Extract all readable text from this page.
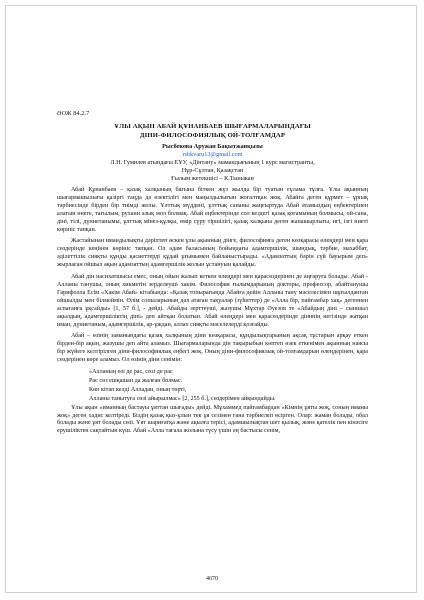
ӘОЖ 84.2.7
ҰЛЫ АҚЫН АБАЙ ҚҰНАНБАЕВ ШЫҒАРМАЛАРЫНДАҒЫ
ДІНИ-ФИЛОСОФИЯЛЫҚ ОЙ-ТОЛҒАМДАР
Рысбекова Аружан Бақытжанқызы
rsbkvaru13@gmail.com
Л.Н. Гумилев атындағы ЕҰУ, «Дінтану» мамандығының 1 курс магистранты,
Нұр-Сұлтан, Қазақстан
Ғылым жетекшісі – К.Тыныкан

Абай Құнанбаев – қазақ халқының бағына біткен жүз жылда бір туатын ғұлама тұлға. Ұлы ақынның шығармашылығы қазіргі таңда да өзектілігі мен маңыздылығын жоғалтқан жоқ. Абайға деген құрмет – ұрпақ тәрбиесінде бірден бір тиімді жолы. Ұлттық мүддені, ұлттық сананы жаңғыртуда Абай атамыздың еңбектерінен алатын өнеге, тағылым, рухани азық мол болмақ. Абай еңбектерінде сол кездегі қазақ қоғамының болмысы, ой-сана, діні, тілі, дүниетанымы, ұлттық мінез-құлқы, өмір сүру тіршілігі, қазақ халқына деген жанашырлығы, игі, ізгі ниеті көрініс тапқан.

Жастайынан имандылықты дәріптеп өскен ұлы ақынның дінге, философияға деген көзқарасы өлеңдері мен қара сөздерінде кеңінен көрініс тапқан. Ол адам баласының бойындағы адамгершілік, шындық, тәрбие, махаббат, әділеттілік сияқты құнды қасиеттерді құдай ұғымымен байланыстырады. «Адамзаттың бәрін сүй бауырым деп» жырлаған ойшыл ақын адамзаттың адамгершілік жолын ұстануын қалайды.

Абай дін насихатшысы емес, оның ойын жазып кеткен өлеңдері мен қарасөздерінен де аңғаруға болады. Абай - Алланы танушы, оның хикметін зерделеуші хакім. Философия ғылымдарының докторы, профессор, абайтанушы Гарифолла Есім «Хакім Абай» кітабында: «Қазақ топырағында Абайға дейін Алланы тану мәселесімен шұғылданған ойшылды мен білмеймін. Өлім сопыларының дәл атаған тақуалар (зүһиттер) де «Алла бір, пайғамбар хақ» дегеннен аспағанға ұқсайды» [1, 57 б.], - дейді. Абайды зерттеуші, жазушы Мұхтар Әуезов те «Абайдың діні – сыншыл ақылдың, адамгершіліктің діні» деп айтқан болатын. Абай өлеңдері мен қарасөздерінде дінннің негізінде жатқан иман, дүниетаным, адамгершілік, ар-ұждан, аллах сияқты мәселелерді қозғайды.

Абай – өзінің заманындағы қазақ халқының діни көзқарасы, құндылықтарының ақсақ тұстарын арқау еткен бірден-бір ақын, жазушы деп айта аламыз. Шығармаларында дін тақырыбын көптеп өзек еткенімен ақынның наясы бір жүйеге келтірілген діни-философиялық еңбегі жоқ. Оның діни-философиялық ой-толғамдарын өлеңдерінен, қара сөздерінен көре аламыз. Ол өзінің діни сенімін:

«Алланың өзі де рас, сөзі де рас

Рас сөз ешқашан да жалған болмас.

Көп кітап келді Алладан, оның төрті,

Алланы танытуға сөзі айырылмас» [2, 255 б.], сөздерімен айқындайды.

Ұлы ақын «иманның бастауы ұяттан шығады» дейді. Мұхаммед пайғамбардан «Кімнің ұяты жоқ, соның иманы жоқ» деген хадис келтіреді. Біздің қазақ қыз-ұлын тек ұя сезімен ғана тәрбиелеп өсірген. Олар: жаман болады, обал болады және ұят болады сөзі. Ұят шариғатқа және ақылға терісі, адамшылықтан шет қылық, және қателік пен кінәсіге ерушіліктен сақтайтын күш. Абай «Алла тағала жолына түсу үшін ең бастысы сенім,

4670
